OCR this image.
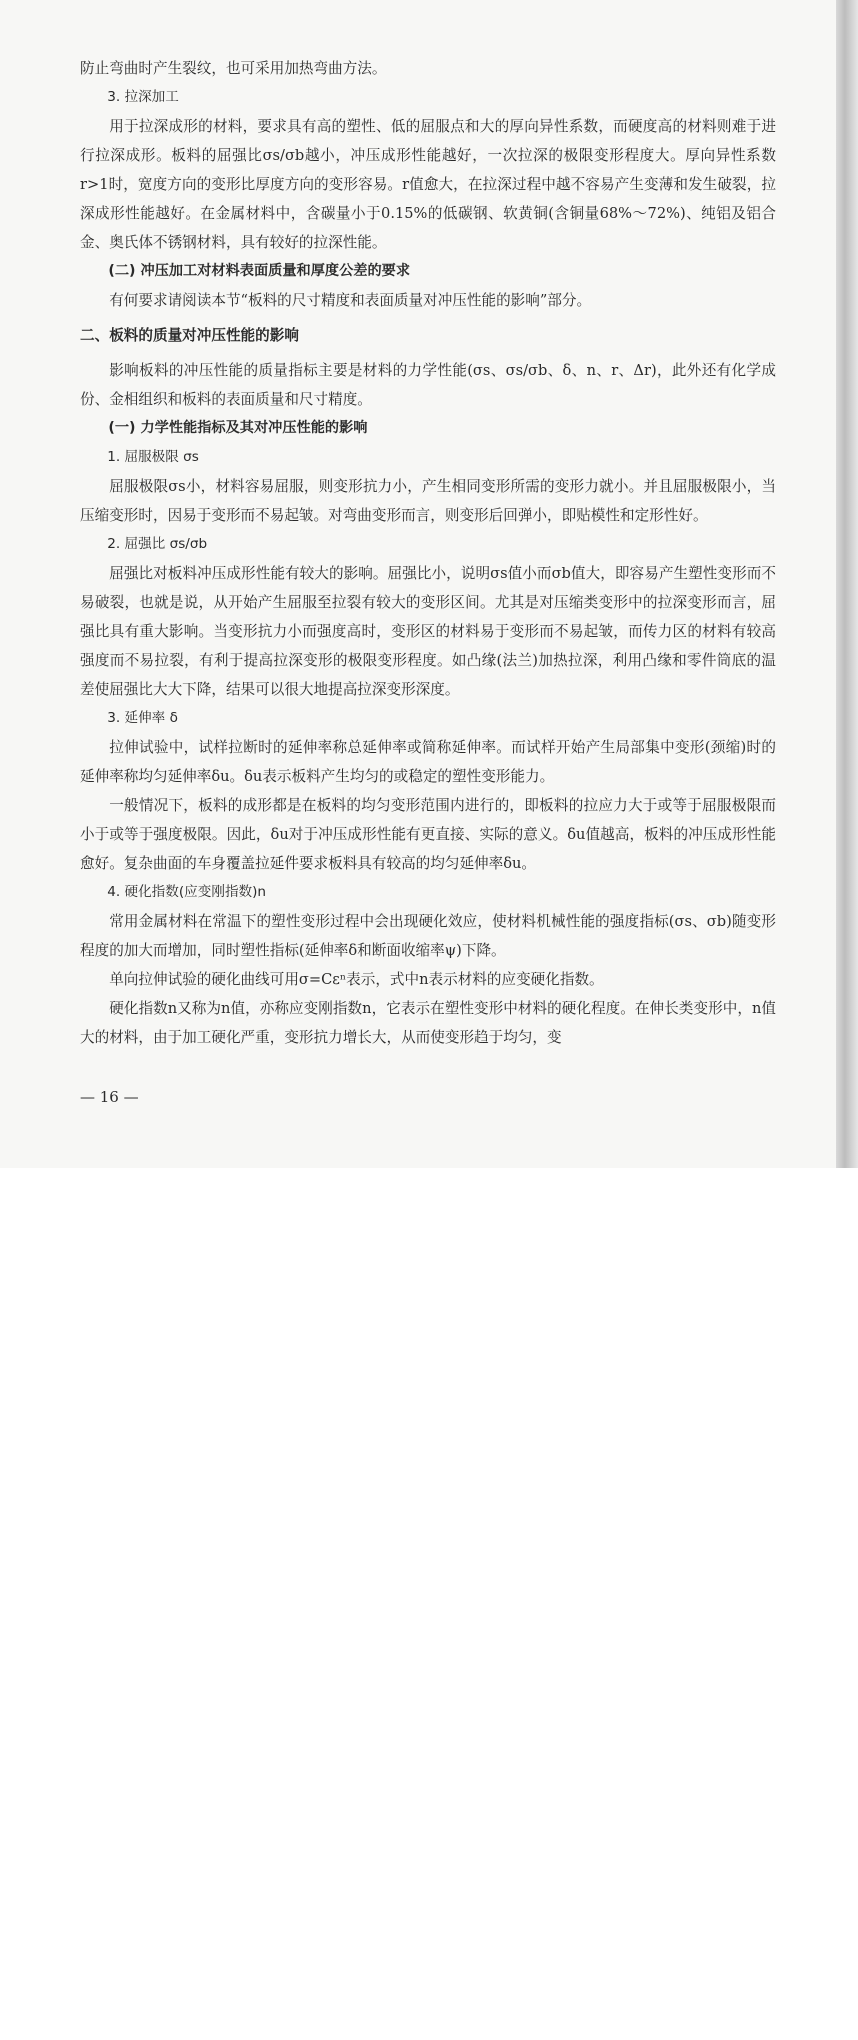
防止弯曲时产生裂纹，也可采用加热弯曲方法。

3. 拉深加工

用于拉深成形的材料，要求具有高的塑性、低的屈服点和大的厚向异性系数，而硬度高的材料则难于进行拉深成形。板料的屈强比σs/σb越小，冲压成形性能越好，一次拉深的极限变形程度大。厚向异性系数r>1时，宽度方向的变形比厚度方向的变形容易。r值愈大，在拉深过程中越不容易产生变薄和发生破裂，拉深成形性能越好。在金属材料中，含碳量小于0.15%的低碳钢、软黄铜(含铜量68%～72%)、纯铝及铝合金、奥氏体不锈钢材料，具有较好的拉深性能。

(二) 冲压加工对材料表面质量和厚度公差的要求

有何要求请阅读本节“板料的尺寸精度和表面质量对冲压性能的影响”部分。

二、板料的质量对冲压性能的影响

影响板料的冲压性能的质量指标主要是材料的力学性能(σs、σs/σb、δ、n、r、Δr)，此外还有化学成份、金相组织和板料的表面质量和尺寸精度。

(一) 力学性能指标及其对冲压性能的影响

1. 屈服极限 σs

屈服极限σs小，材料容易屈服，则变形抗力小，产生相同变形所需的变形力就小。并且屈服极限小，当压缩变形时，因易于变形而不易起皱。对弯曲变形而言，则变形后回弹小，即贴模性和定形性好。

2. 屈强比 σs/σb

屈强比对板料冲压成形性能有较大的影响。屈强比小，说明σs值小而σb值大，即容易产生塑性变形而不易破裂，也就是说，从开始产生屈服至拉裂有较大的变形区间。尤其是对压缩类变形中的拉深变形而言，屈强比具有重大影响。当变形抗力小而强度高时，变形区的材料易于变形而不易起皱，而传力区的材料有较高强度而不易拉裂，有利于提高拉深变形的极限变形程度。如凸缘(法兰)加热拉深，利用凸缘和零件筒底的温差使屈强比大大下降，结果可以很大地提高拉深变形深度。

3. 延伸率 δ

拉伸试验中，试样拉断时的延伸率称总延伸率或简称延伸率。而试样开始产生局部集中变形(颈缩)时的延伸率称均匀延伸率δu。δu表示板料产生均匀的或稳定的塑性变形能力。

一般情况下，板料的成形都是在板料的均匀变形范围内进行的，即板料的拉应力大于或等于屈服极限而小于或等于强度极限。因此，δu对于冲压成形性能有更直接、实际的意义。δu值越高，板料的冲压成形性能愈好。复杂曲面的车身覆盖拉延件要求板料具有较高的均匀延伸率δu。

4. 硬化指数(应变刚指数)n

常用金属材料在常温下的塑性变形过程中会出现硬化效应，使材料机械性能的强度指标(σs、σb)随变形程度的加大而增加，同时塑性指标(延伸率δ和断面收缩率ψ)下降。

单向拉伸试验的硬化曲线可用σ=Cεⁿ表示，式中n表示材料的应变硬化指数。

硬化指数n又称为n值，亦称应变刚指数n，它表示在塑性变形中材料的硬化程度。在伸长类变形中，n值大的材料，由于加工硬化严重，变形抗力增长大，从而使变形趋于均匀，变

— 16 —
